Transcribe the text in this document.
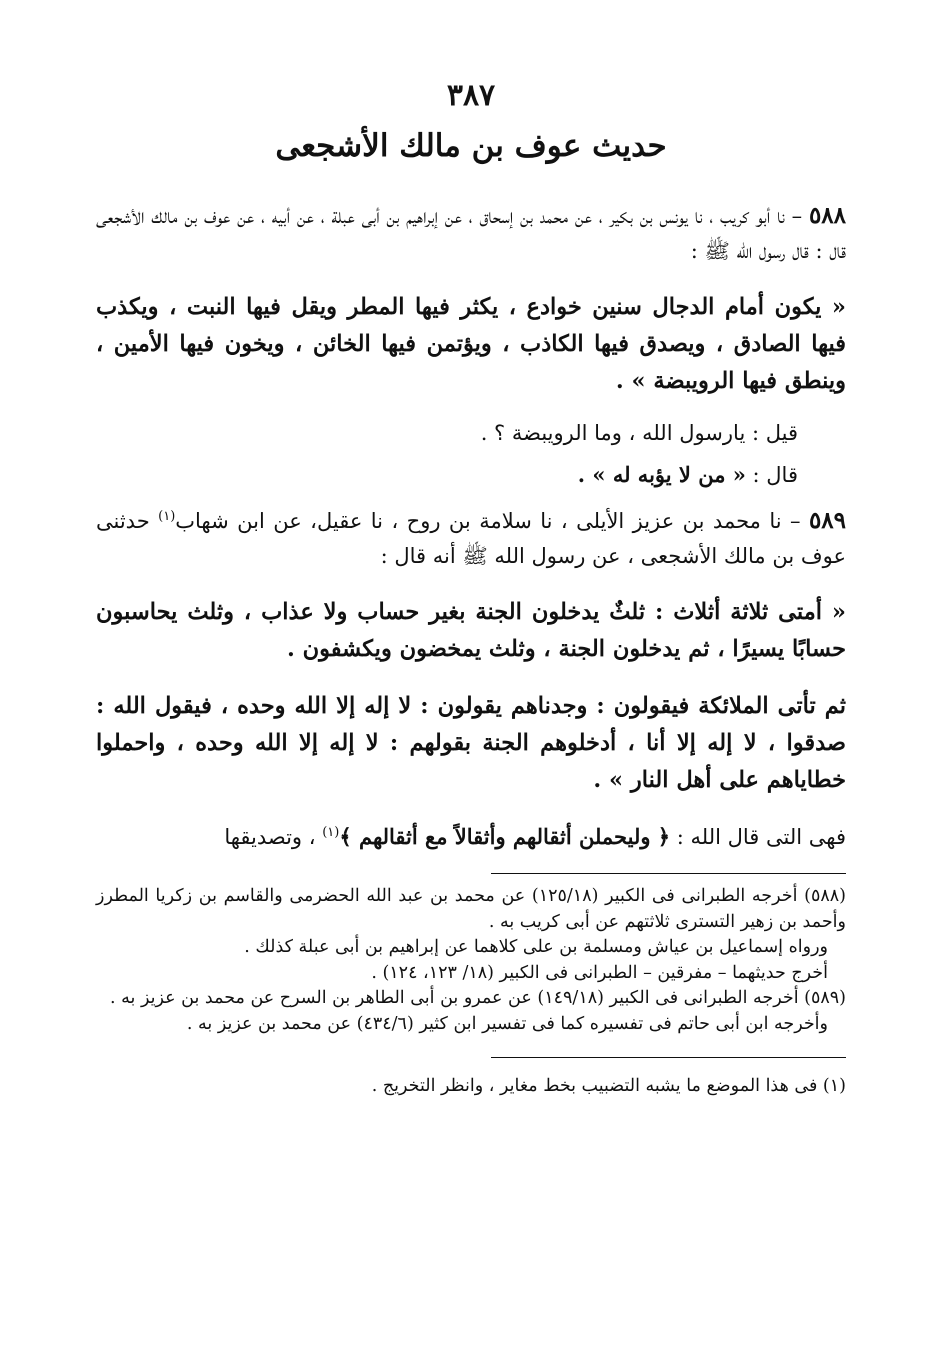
٣٨٧
حديث عوف بن مالك الأشجعى

٥٨٨ – نا أبو كريب ، نا يونس بن بكير ، عن محمد بن إسحاق ، عن إبراهيم بن أبى عبلة ، عن أبيه ، عن عوف بن مالك الأشجعى قال : قال رسول الله ﷺ :

« يكون أمام الدجال سنين خوادع ، يكثر فيها المطر ويقل فيها النبت ، ويكذب فيها الصادق ، ويصدق فيها الكاذب ، ويؤتمن فيها الخائن ، ويخون فيها الأمين ، وينطق فيها الرويبضة » .

قيل : يارسول الله ، وما الرويبضة ؟ .

قال : « من لا يؤبه له » .

٥٨٩ – نا محمد بن عزيز الأيلى ، نا سلامة بن روح ، نا عقيل، عن ابن شهاب$^{(١)}$ حدثنى عوف بن مالك الأشجعى ، عن رسول الله ﷺ أنه قال :

« أمتى ثلاثة أثلاث : ثلثٌ يدخلون الجنة بغير حساب ولا عذاب ، وثلث يحاسبون حسابًا يسيرًا ، ثم يدخلون الجنة ، وثلث يمخضون ويكشفون .

ثم تأتى الملائكة فيقولون : وجدناهم يقولون : لا إله إلا الله وحده ، فيقول الله : صدقوا ، لا إله إلا أنا ، أدخلوهم الجنة بقولهم : لا إله إلا الله وحده ، واحملوا خطاياهم على أهل النار » .

فهى التى قال الله : ﴿ وليحملن أثقالهم وأثقالاً مع أثقالهم ﴾$^{(١)}$ ، وتصديقها

(٥٨٨) أخرجه الطبرانى فى الكبير (١٢٥/١٨) عن محمد بن عبد الله الحضرمى والقاسم بن زكريا المطرز وأحمد بن زهير التسترى ثلاثتهم عن أبى كريب به .

ورواه إسماعيل بن عياش ومسلمة بن على كلاهما عن إبراهيم بن أبى عبلة كذلك .

أخرج حديثهما – مفرقين – الطبرانى فى الكبير (١٨/ ١٢٣، ١٢٤) .

(٥٨٩) أخرجه الطبرانى فى الكبير (١٤٩/١٨) عن عمرو بن أبى الطاهر بن السرح عن محمد بن عزيز به .

وأخرجه ابن أبى حاتم فى تفسيره كما فى تفسير ابن كثير (٤٣٤/٦) عن محمد بن عزيز به .

(١) فى هذا الموضع ما يشبه التضبيب بخط مغاير ، وانظر التخريج .
